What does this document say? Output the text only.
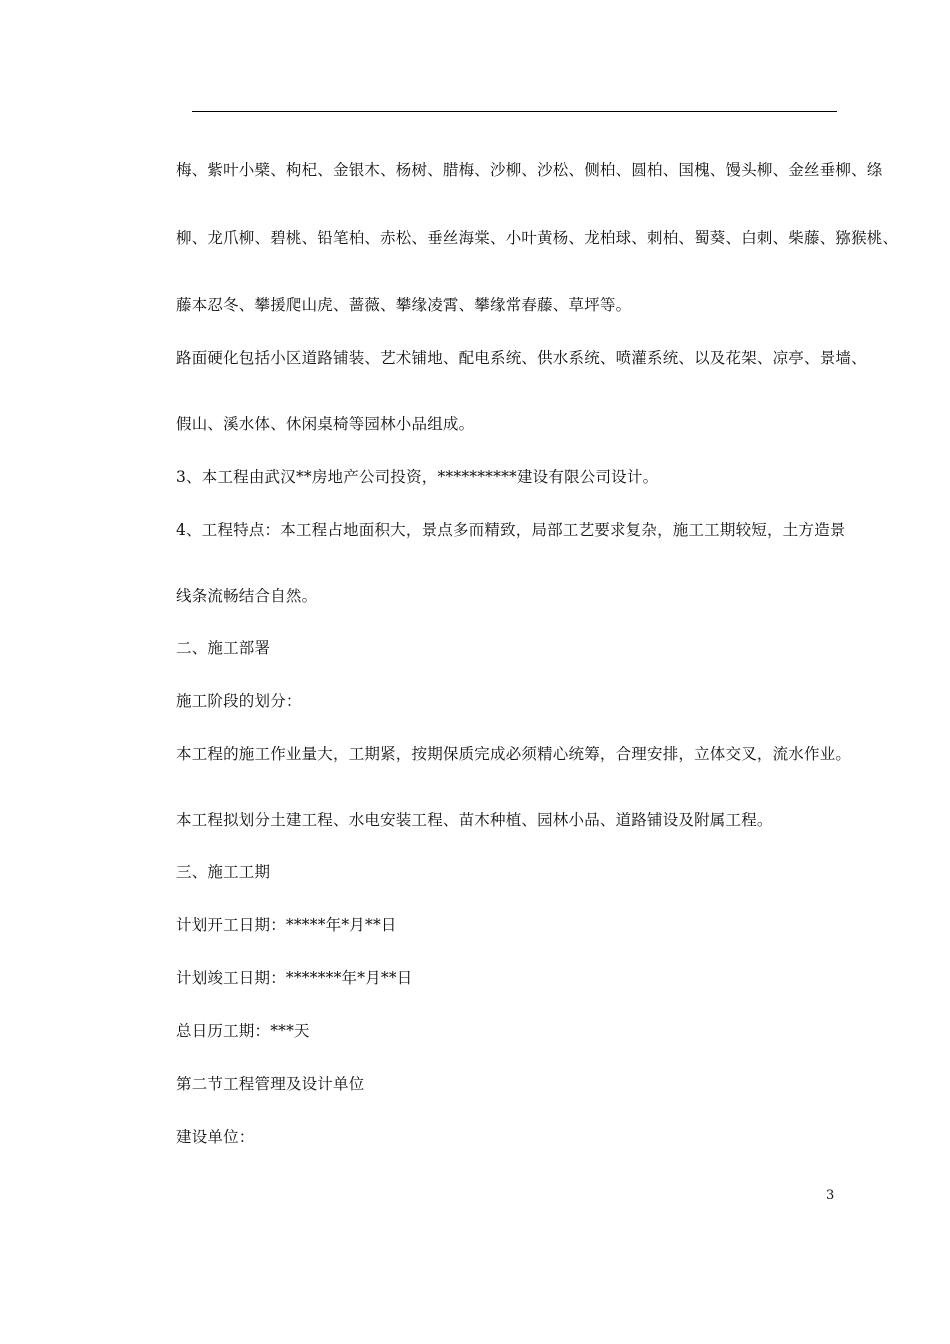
梅、紫叶小檗、枸杞、金银木、杨树、腊梅、沙柳、沙松、侧柏、圆柏、国槐、馒头柳、金丝垂柳、绦
柳、龙爪柳、碧桃、铅笔柏、赤松、垂丝海棠、小叶黄杨、龙柏球、刺柏、蜀葵、白刺、柴藤、猕猴桃、
藤本忍冬、攀援爬山虎、蔷薇、攀缘凌霄、攀缘常春藤、草坪等。
路面硬化包括小区道路铺装、艺术铺地、配电系统、供水系统、喷灌系统、以及花架、凉亭、景墙、
假山、溪水体、休闲桌椅等园林小品组成。
3、本工程由武汉**房地产公司投资，**********建设有限公司设计。
4、工程特点：本工程占地面积大，景点多而精致，局部工艺要求复杂，施工工期较短，土方造景
线条流畅结合自然。
二、施工部署
施工阶段的划分：
本工程的施工作业量大，工期紧，按期保质完成必须精心统筹，合理安排，立体交叉，流水作业。
本工程拟划分土建工程、水电安装工程、苗木种植、园林小品、道路铺设及附属工程。
三、施工工期
计划开工日期：*****年*月**日
计划竣工日期：*******年*月**日
总日历工期：***天
第二节工程管理及设计单位
建设单位：
3
